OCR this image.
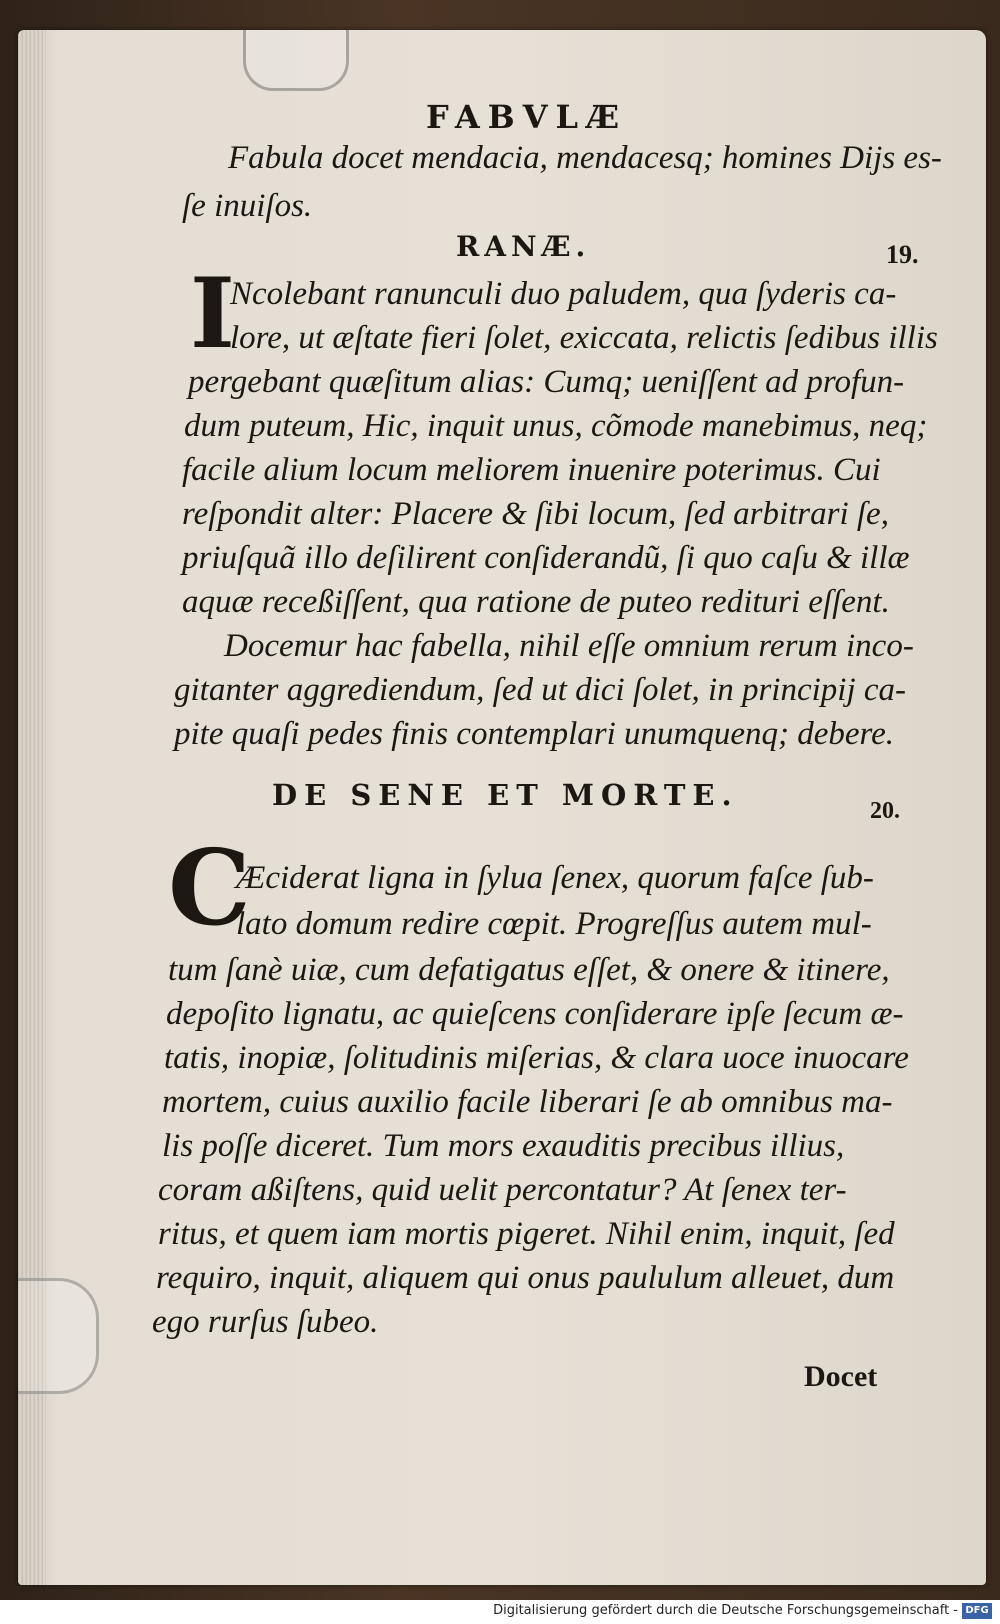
FABVLÆ
Fabula docet mendacia, mendacesq; homines Dijs es-
ſe inuiſos.
RANÆ.	19.
I
Ncolebant ranunculi duo paludem, qua ſyderis ca-
lore, ut æſtate fieri ſolet, exiccata, relictis ſedibus illis
pergebant quæſitum alias: Cumq; ueniſſent ad profun-
dum puteum, Hic, inquit unus, cõmode manebimus, neq;
facile alium locum meliorem inuenire poterimus. Cui
reſpondit alter: Placere & ſibi locum, ſed arbitrari ſe,
priuſquã illo deſilirent conſiderandũ, ſi quo caſu & illæ
aquæ receßiſſent, qua ratione de puteo redituri eſſent.
Docemur hac fabella, nihil eſſe omnium rerum inco-
gitanter aggrediendum, ſed ut dici ſolet, in principij ca-
pite quaſi pedes finis contemplari unumquenq; debere.
DE SENE ET MORTE.	20.
C
Æciderat ligna in ſylua ſenex, quorum faſce ſub-
lato domum redire cœpit. Progreſſus autem mul-
tum ſanè uiæ, cum defatigatus eſſet, & onere & itinere,
depoſito lignatu, ac quieſcens conſiderare ipſe ſecum æ-
tatis, inopiæ, ſolitudinis miſerias, & clara uoce inuocare
mortem, cuius auxilio facile liberari ſe ab omnibus ma-
lis poſſe diceret. Tum mors exauditis precibus illius,
coram aßiſtens, quid uelit percontatur? At ſenex ter-
ritus, et quem iam mortis pigeret. Nihil enim, inquit, ſed
requiro, inquit, aliquem qui onus paululum alleuet, dum
ego rurſus ſubeo.
Docet
Digitalisierung gefördert durch die Deutsche Forschungsgemeinschaft - DFG
